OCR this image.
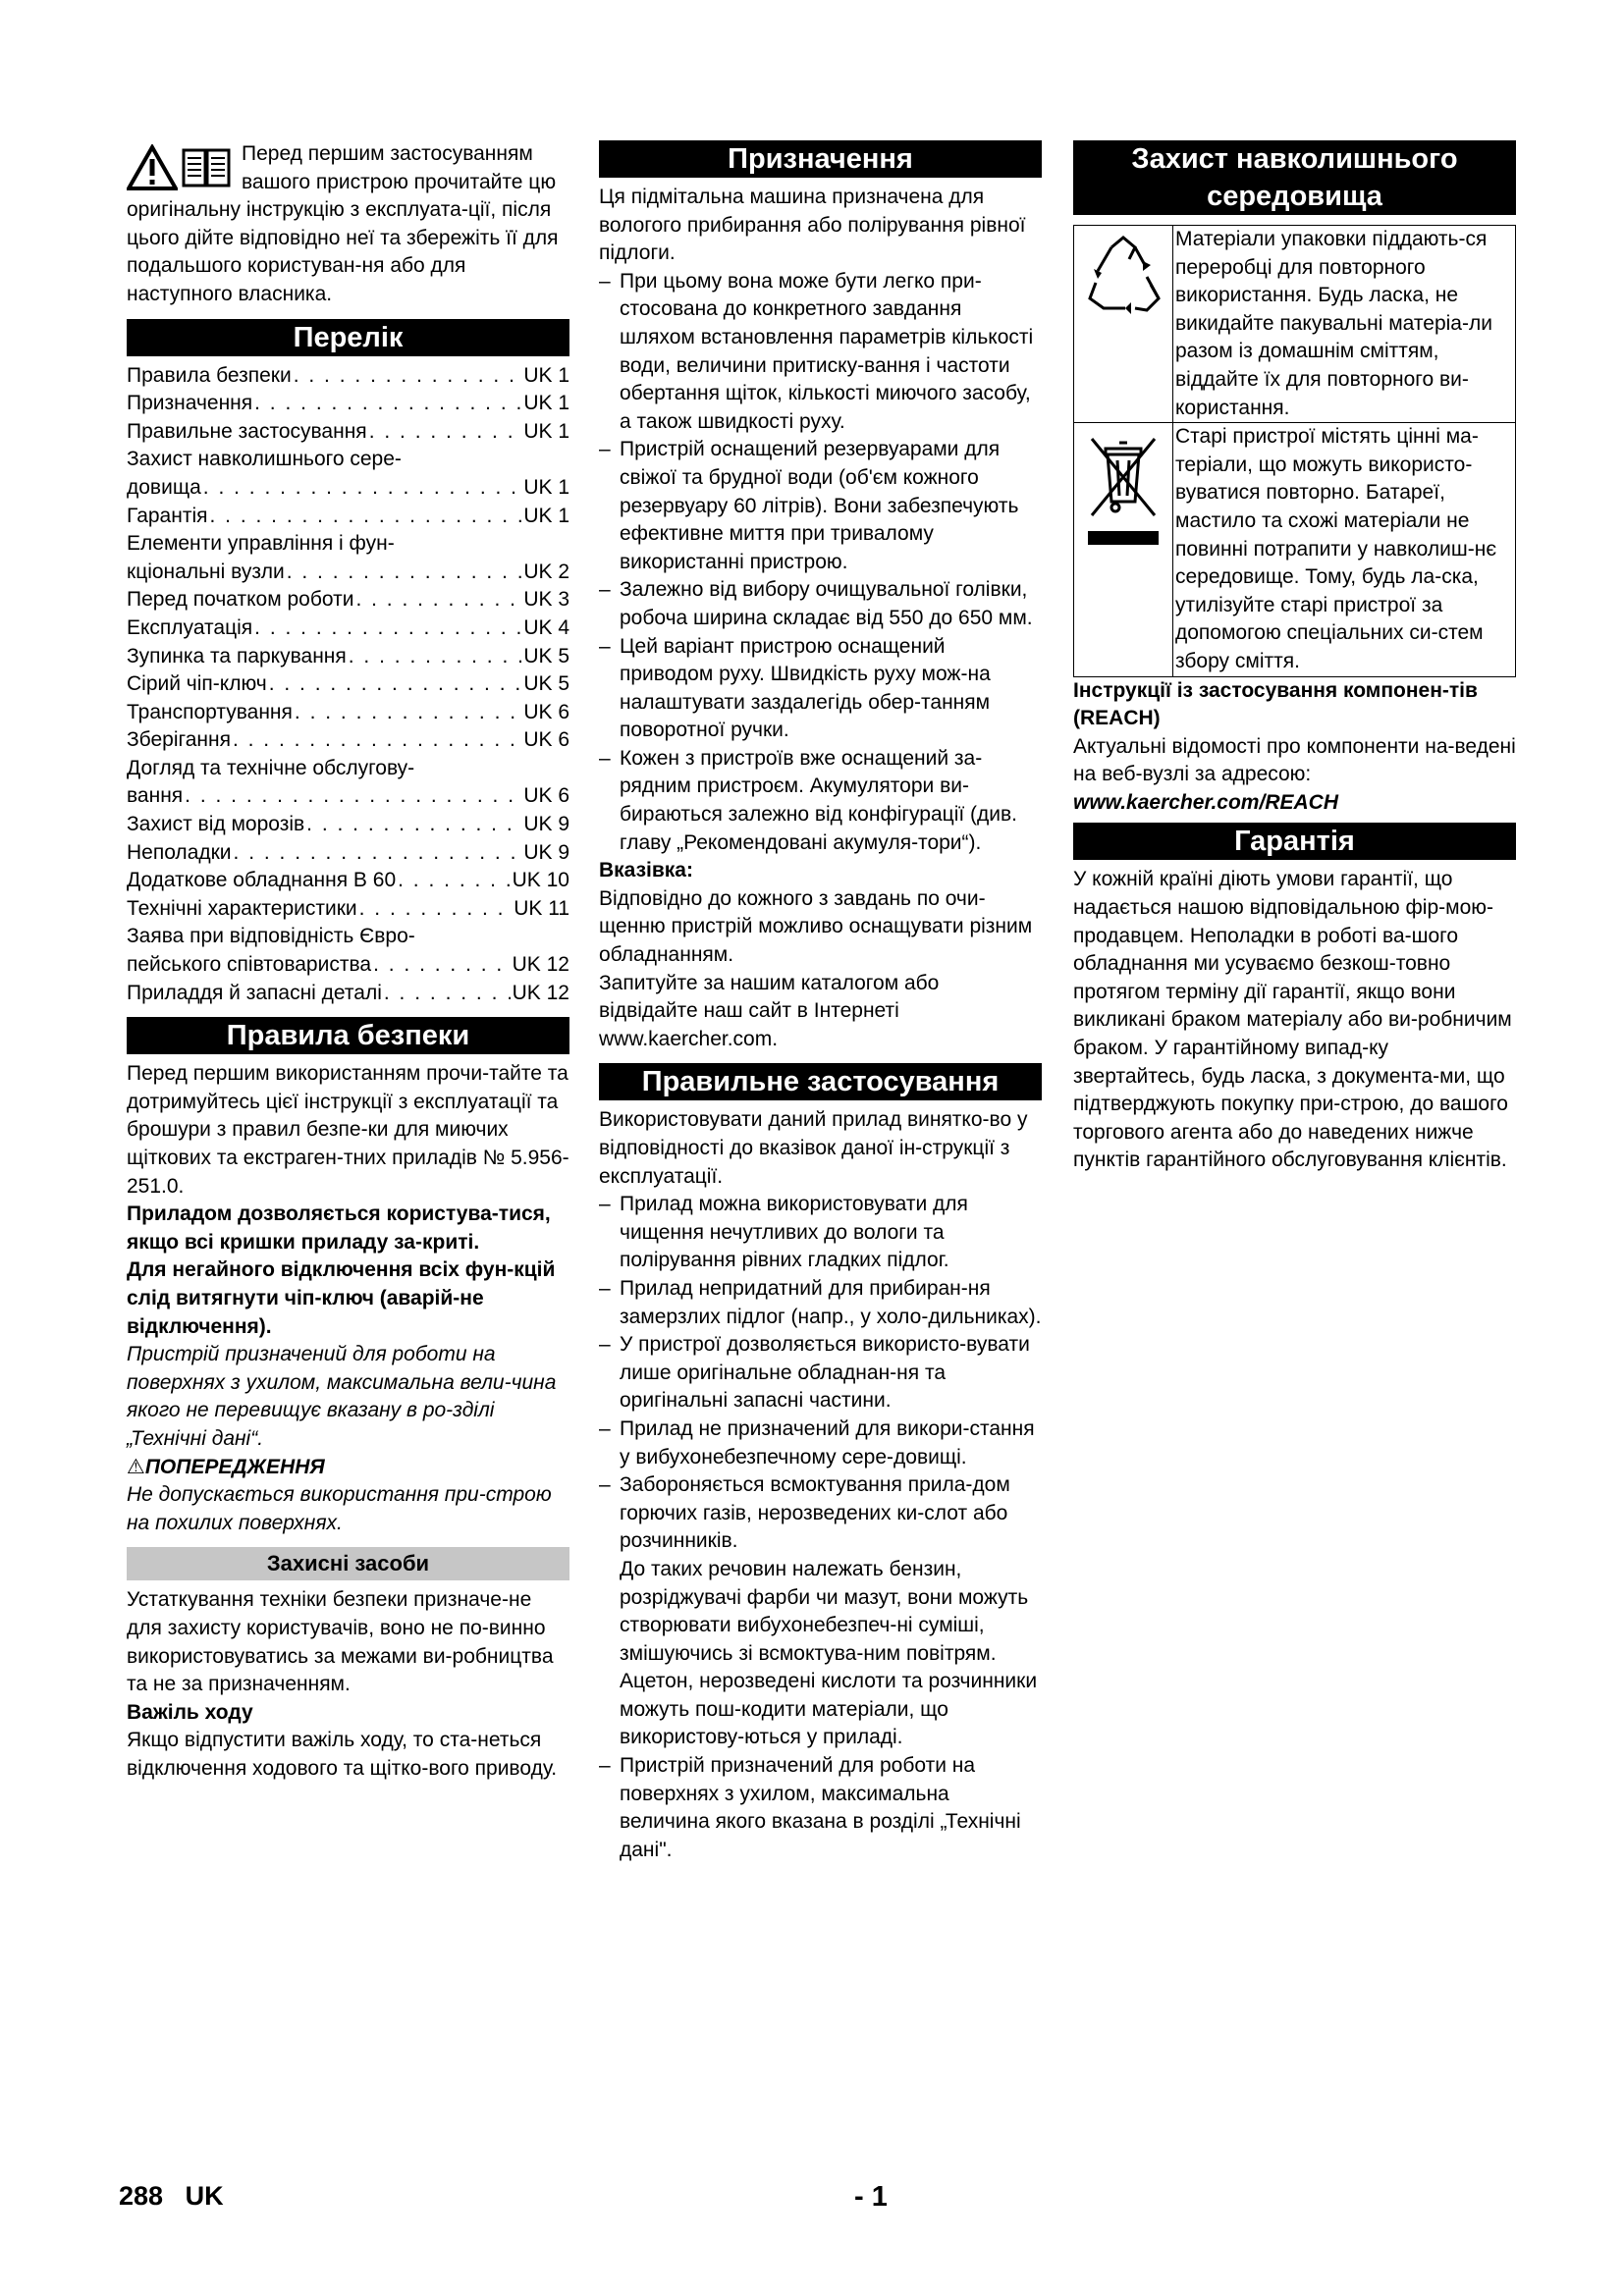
Перед першим застосуванням вашого пристрою прочитайте цю оригінальну інструкцію з експлуата-ції, після цього дійте відповідно неї та збережіть її для подальшого користуван-ня або для наступного власника.

Перелік
Правила безпеки . . .	UK 1
Призначення . . .	UK 1
Правильне застосування . . .	UK 1
Захист навколишнього сере-
довища . . .	UK 1
Гарантія . . .	UK 1
Елементи управління і фун-
кціональні вузли . . .	UK 2
Перед початком роботи . . .	UK 3
Експлуатація . . .	UK 4
Зупинка та паркування . . .	UK 5
Сірий чіп-ключ . . .	UK 5
Транспортування . . .	UK 6
Зберігання . . .	UK 6
Догляд та технічне обслугову-
вання . . .	UK 6
Захист від морозів . . .	UK 9
Неполадки . . .	UK 9
Додаткове обладнання В 60 . . .	UK 10
Технічні характеристики . . .	UK 11
Заява при відповідність Євро-
пейського співтовариства . . .	UK 12
Приладдя й запасні деталі . . .	UK 12
Правила безпеки

Перед першим використанням прочи-тайте та дотримуйтесь цієї інструкції з експлуатації та брошури з правил безпе-ки для миючих щіткових та екстраген-тних приладів № 5.956-251.0.

Приладом дозволяється користува-тися, якщо всі кришки приладу за-криті.

Для негайного відключення всіх фун-кцій слід витягнути чіп-ключ (аварій-не відключення).

Пристрій призначений для роботи на поверхнях з ухилом, максимальна вели-чина якого не перевищує вказану в ро-зділі „Технічні дані“.

⚠ПОПЕРЕДЖЕННЯ

Не допускається використання при-строю на похилих поверхнях.

Захисні засоби

Устаткування техніки безпеки призначе-не для захисту користувачів, воно не по-винно використовуватись за межами ви-робництва та не за призначенням.

Важіль ходу

Якщо відпустити важіль ходу, то ста-неться відключення ходового та щітко-вого приводу.

Призначення

Ця підмітальна машина призначена для вологого прибирання або полірування рівної підлоги.

– При цьому вона може бути легко при-стосована до конкретного завдання шляхом встановлення параметрів кількості води, величини притиску-вання і частоти обертання щіток, кількості миючого засобу, а також швидкості руху.
– Пристрій оснащений резервуарами для свіжої та брудної води (об'єм кожного резервуару 60 літрів). Вони забезпечують ефективне миття при тривалому використанні пристрою.
– Залежно від вибору очищувальної голівки, робоча ширина складає від 550 до 650 мм.
– Цей варіант пристрою оснащений приводом руху. Швидкість руху мож-на налаштувати заздалегідь обер-танням поворотної ручки.
– Кожен з пристроїв вже оснащений за-рядним пристроєм. Акумулятори ви-бираються залежно від конфігурації (див. главу „Рекомендовані акумуля-тори“).

Вказівка:

Відповідно до кожного з завдань по очи-щенню пристрій можливо оснащувати різним обладнанням.

Запитуйте за нашим каталогом або відвідайте наш сайт в Інтернеті www.kaercher.com.

Правильне застосування

Використовувати даний прилад винятко-во у відповідності до вказівок даної ін-струкції з експлуатації.

– Прилад можна використовувати для чищення нечутливих до вологи та полірування рівних гладких підлог.
– Прилад непридатний для прибиран-ня замерзлих підлог (напр., у холо-дильниках).
– У пристрої дозволяється використо-вувати лише оригінальне обладнан-ня та оригінальні запасні частини.
– Прилад не призначений для викори-стання у вибухонебезпечному сере-довищі.
– Забороняється всмоктування прила-дом горючих газів, нерозведених ки-слот або розчинників.

До таких речовин належать бензин, розріджувачі фарби чи мазут, вони можуть створювати вибухонебезпеч-ні суміші, змішуючись зі всмоктува-ним повітрям. Ацетон, нерозведені кислоти та розчинники можуть пош-кодити матеріали, що використову-ються у приладі.

– Пристрій призначений для роботи на поверхнях з ухилом, максимальна величина якого вказана в розділі „Технічні дані".
Захист навколишнього
середовища
	Матеріали упаковки піддають-ся переробці для повторного використання. Будь ласка, не викидайте пакувальні матеріа-ли разом із домашнім сміттям, віддайте їх для повторного ви-користання.
	Старі пристрої містять цінні ма-теріали, що можуть використо-вуватися повторно. Батареї, мастило та схожі матеріали не повинні потрапити у навколиш-нє середовище. Тому, будь ла-ска, утилізуйте старі пристрої за допомогою спеціальних си-стем збору сміття.

Інструкції із застосування компонен-тів (REACH)

Актуальні відомості про компоненти на-ведені на веб-вузлі за адресою:

www.kaercher.com/REACH

Гарантія

У кожній країні діють умови гарантії, що надається нашою відповідальною фір-мою-продавцем. Неполадки в роботі ва-шого обладнання ми усуваємо безкош-товно протягом терміну дії гарантії, якщо вони викликані браком матеріалу або ви-робничим браком. У гарантійному випад-ку звертайтесь, будь ласка, з документа-ми, що підтверджують покупку при-строю, до вашого торгового агента або до наведених нижче пунктів гарантійного обслуговування клієнтів.

288 UK	- 1
